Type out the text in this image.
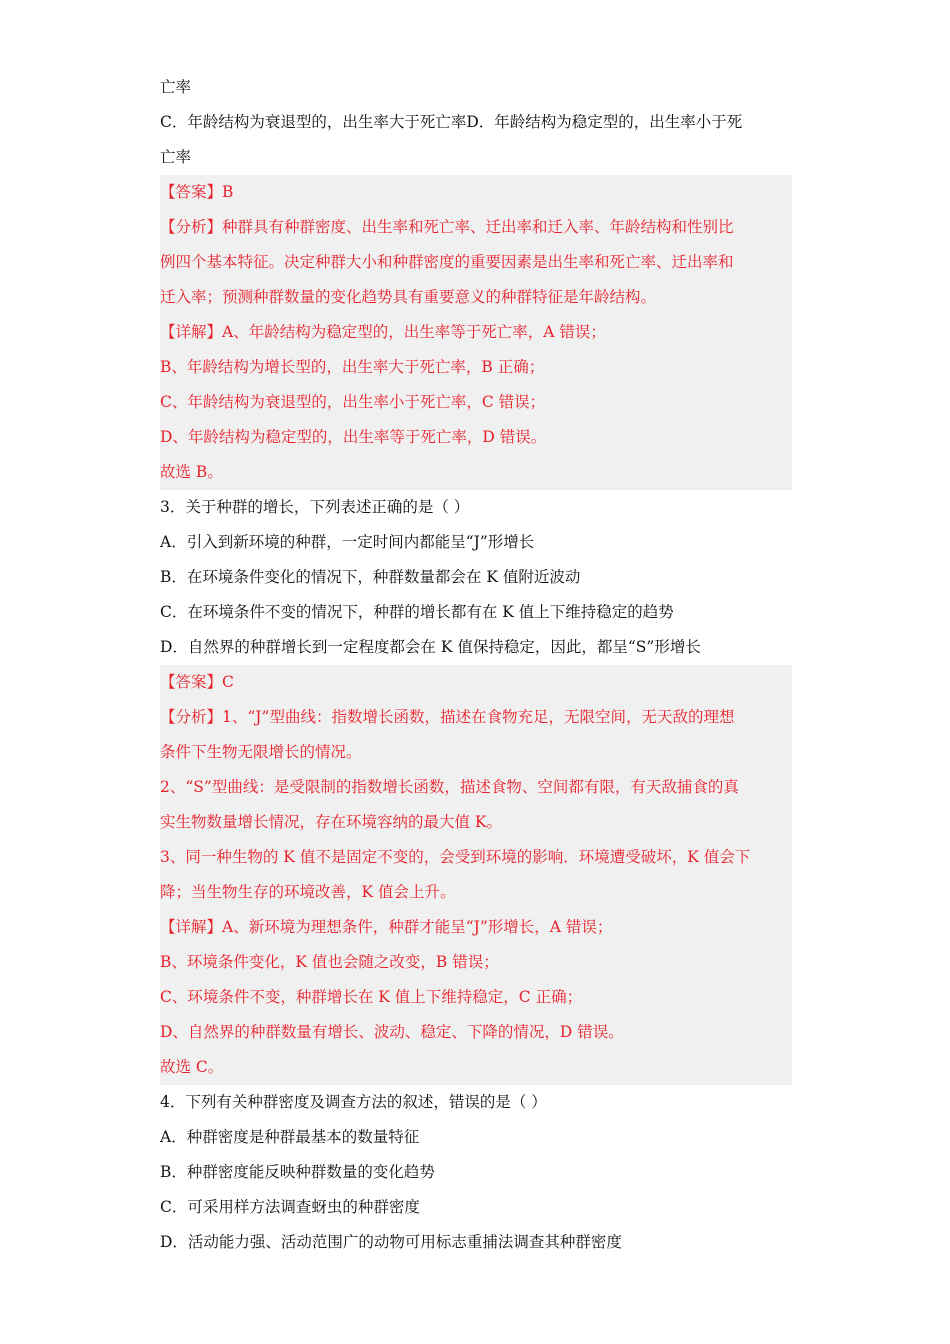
亡率
C．年龄结构为衰退型的，出生率大于死亡率D．年龄结构为稳定型的，出生率小于死
亡率
【答案】B
【分析】种群具有种群密度、出生率和死亡率、迁出率和迁入率、年龄结构和性别比
例四个基本特征。决定种群大小和种群密度的重要因素是出生率和死亡率、迁出率和
迁入率；预测种群数量的变化趋势具有重要意义的种群特征是年龄结构。
【详解】A、年龄结构为稳定型的，出生率等于死亡率，A 错误；
B、年龄结构为增长型的，出生率大于死亡率，B 正确；
C、年龄结构为衰退型的，出生率小于死亡率，C 错误；
D、年龄结构为稳定型的，出生率等于死亡率，D 错误。
故选 B。
3．关于种群的增长，下列表述正确的是（ ）
A．引入到新环境的种群，一定时间内都能呈“J”形增长
B．在环境条件变化的情况下，种群数量都会在 K 值附近波动
C．在环境条件不变的情况下，种群的增长都有在 K 值上下维持稳定的趋势
D．自然界的种群增长到一定程度都会在 K 值保持稳定，因此，都呈“S”形增长
【答案】C
【分析】1、“J”型曲线：指数增长函数，描述在食物充足，无限空间，无天敌的理想
条件下生物无限增长的情况。
2、“S”型曲线：是受限制的指数增长函数，描述食物、空间都有限，有天敌捕食的真
实生物数量增长情况，存在环境容纳的最大值 K。
3、同一种生物的 K 值不是固定不变的，会受到环境的影响．环境遭受破坏，K 值会下
降；当生物生存的环境改善，K 值会上升。
【详解】A、新环境为理想条件，种群才能呈“J”形增长，A 错误；
B、环境条件变化，K 值也会随之改变，B 错误；
C、环境条件不变，种群增长在 K 值上下维持稳定，C 正确；
D、自然界的种群数量有增长、波动、稳定、下降的情况，D 错误。
故选 C。
4．下列有关种群密度及调查方法的叙述，错误的是（ ）
A．种群密度是种群最基本的数量特征
B．种群密度能反映种群数量的变化趋势
C．可采用样方法调查蚜虫的种群密度
D．活动能力强、活动范围广的动物可用标志重捕法调查其种群密度
